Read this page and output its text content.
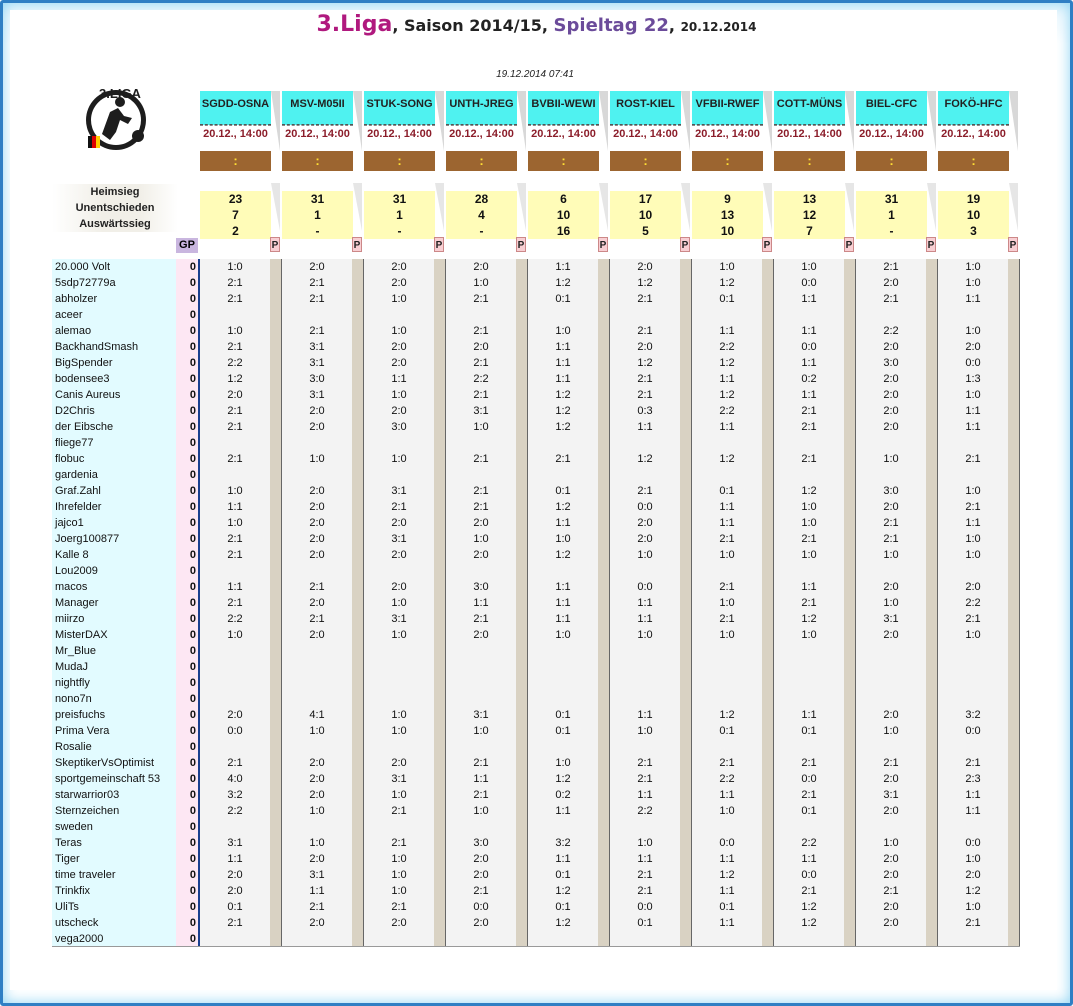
3.Liga, Saison 2014/15, Spieltag 22, 20.12.2014
19.12.2014 07:41
3.LIGA
Heimsieg
Unentschieden
Auswärtssieg
GP
SGDD-OSNA
20.12., 14:00
:
23
7
2
P
MSV-M05II
20.12., 14:00
:
31
1
-
P
STUK-SONG
20.12., 14:00
:
31
1
-
P
UNTH-JREG
20.12., 14:00
:
28
4
-
P
BVBII-WEWI
20.12., 14:00
:
6
10
16
P
ROST-KIEL
20.12., 14:00
:
17
10
5
P
VFBII-RWEF
20.12., 14:00
:
9
13
10
P
COTT-MÜNS
20.12., 14:00
:
13
12
7
P
BIEL-CFC
20.12., 14:00
:
31
1
-
P
FOKÖ-HFC
20.12., 14:00
:
19
10
3
P
20.000 Volt
5sdp72779a
abholzer
aceer
alemao
BackhandSmash
BigSpender
bodensee3
Canis Aureus
D2Chris
der Eibsche
fliege77
flobuc
gardenia
Graf.Zahl
Ihrefelder
jajco1
Joerg100877
Kalle 8
Lou2009
macos
Manager
miirzo
MisterDAX
Mr_Blue
MudaJ
nightfly
nono7n
preisfuchs
Prima Vera
Rosalie
SkeptikerVsOptimist
sportgemeinschaft 53
starwarrior03
Sternzeichen
sweden
Teras
Tiger
time traveler
Trinkfix
UliTs
utscheck
vega2000
0
0
0
0
0
0
0
0
0
0
0
0
0
0
0
0
0
0
0
0
0
0
0
0
0
0
0
0
0
0
0
0
0
0
0
0
0
0
0
0
0
0
0
1:0
2:1
2:1
1:0
2:1
2:2
1:2
2:0
2:1
2:1
2:1
1:0
1:1
1:0
2:1
2:1
1:1
2:1
2:2
1:0
2:0
0:0
2:1
4:0
3:2
2:2
3:1
1:1
2:0
2:0
0:1
2:1
2:0
2:1
2:1
2:1
3:1
3:1
3:0
3:1
2:0
2:0
1:0
2:0
2:0
2:0
2:0
2:0
2:1
2:0
2:1
2:0
4:1
1:0
2:0
2:0
2:0
1:0
1:0
2:0
3:1
1:1
2:1
2:0
2:0
2:0
1:0
1:0
2:0
2:0
1:1
1:0
2:0
3:0
1:0
3:1
2:1
2:0
3:1
2:0
2:0
1:0
3:1
1:0
1:0
1:0
2:0
3:1
1:0
2:1
2:1
1:0
1:0
1:0
2:1
2:0
2:0
1:0
2:1
2:1
2:0
2:1
2:2
2:1
3:1
1:0
2:1
2:1
2:1
2:0
1:0
2:0
3:0
1:1
2:1
2:0
3:1
1:0
2:1
1:1
2:1
1:0
3:0
2:0
2:0
2:1
0:0
2:0
1:1
1:2
0:1
1:0
1:1
1:1
1:1
1:2
1:2
1:2
2:1
0:1
1:2
1:1
1:0
1:2
1:1
1:1
1:1
1:0
0:1
0:1
1:0
1:2
0:2
1:1
3:2
1:1
0:1
1:2
0:1
1:2
2:0
1:2
2:1
2:1
2:0
1:2
2:1
2:1
0:3
1:1
1:2
2:1
0:0
2:0
2:0
1:0
0:0
1:1
1:1
1:0
1:1
1:0
2:1
2:1
1:1
2:2
1:0
1:1
2:1
2:1
0:0
0:1
1:0
1:2
0:1
1:1
2:2
1:2
1:1
1:2
2:2
1:1
1:2
0:1
1:1
1:1
2:1
1:0
2:1
1:0
2:1
1:0
1:2
0:1
2:1
2:2
1:1
1:0
0:0
1:1
1:2
1:1
0:1
1:1
1:0
0:0
1:1
1:1
0:0
1:1
0:2
1:1
2:1
2:1
2:1
1:2
1:0
1:0
2:1
1:0
1:1
2:1
1:2
1:0
1:1
0:1
2:1
0:0
2:1
0:1
2:2
1:1
0:0
2:1
1:2
1:2
2:1
2:0
2:1
2:2
2:0
3:0
2:0
2:0
2:0
2:0
1:0
3:0
2:0
2:1
2:1
1:0
2:0
1:0
3:1
2:0
2:0
1:0
2:1
2:0
3:1
2:0
1:0
2:0
2:0
2:1
2:0
2:0
1:0
1:0
1:1
1:0
2:0
0:0
1:3
1:0
1:1
1:1
2:1
1:0
2:1
1:1
1:0
1:0
2:0
2:2
2:1
1:0
3:2
0:0
2:1
2:3
1:1
1:1
0:0
1:0
2:0
1:2
1:0
2:1
